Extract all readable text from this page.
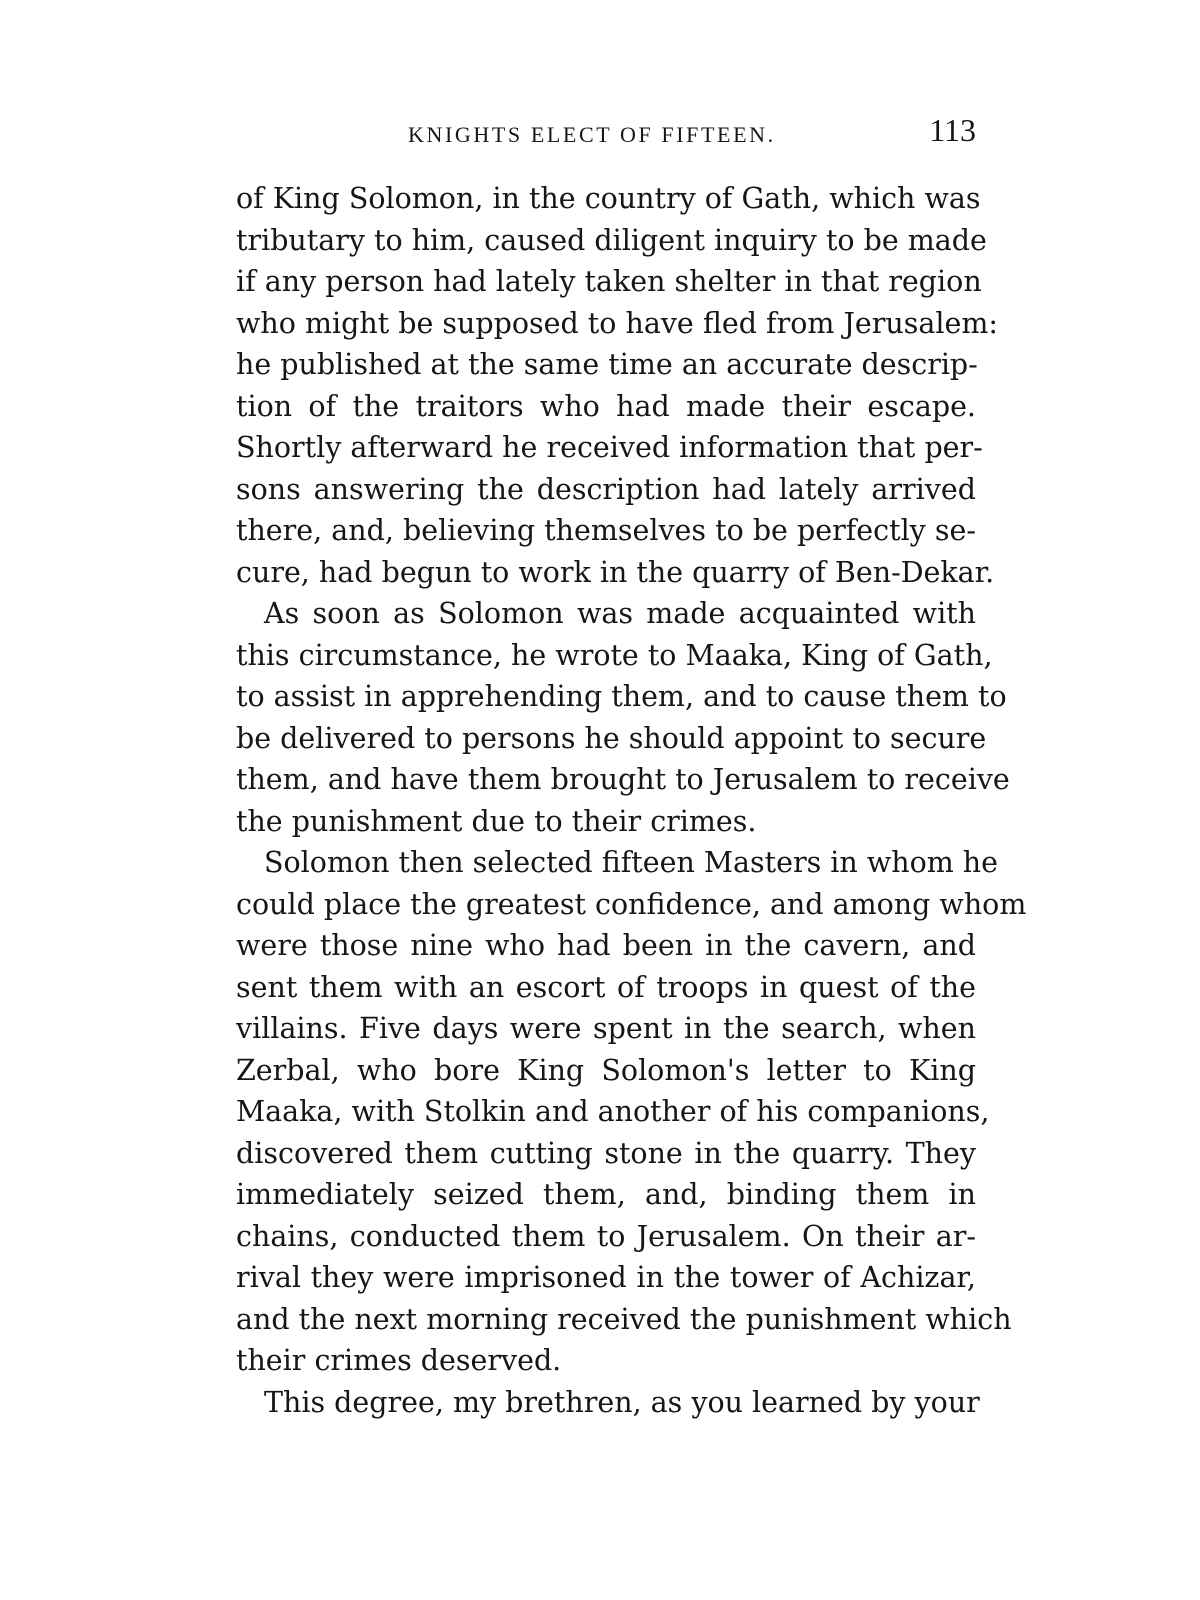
KNIGHTS ELECT OF FIFTEEN.	113
of King Solomon, in the country of Gath, which was
tributary to him, caused diligent inquiry to be made
if any person had lately taken shelter in that region
who might be supposed to have fled from Jerusalem:
he published at the same time an accurate descrip-
tion of the traitors who had made their escape.
Shortly afterward he received information that per-
sons answering the description had lately arrived
there, and, believing themselves to be perfectly se-
cure, had begun to work in the quarry of Ben-Dekar.
As soon as Solomon was made acquainted with
this circumstance, he wrote to Maaka, King of Gath,
to assist in apprehending them, and to cause them to
be delivered to persons he should appoint to secure
them, and have them brought to Jerusalem to receive
the punishment due to their crimes.
Solomon then selected fifteen Masters in whom he
could place the greatest confidence, and among whom
were those nine who had been in the cavern, and
sent them with an escort of troops in quest of the
villains. Five days were spent in the search, when
Zerbal, who bore King Solomon's letter to King
Maaka, with Stolkin and another of his companions,
discovered them cutting stone in the quarry. They
immediately seized them, and, binding them in
chains, conducted them to Jerusalem. On their ar-
rival they were imprisoned in the tower of Achizar,
and the next morning received the punishment which
their crimes deserved.
This degree, my brethren, as you learned by your
